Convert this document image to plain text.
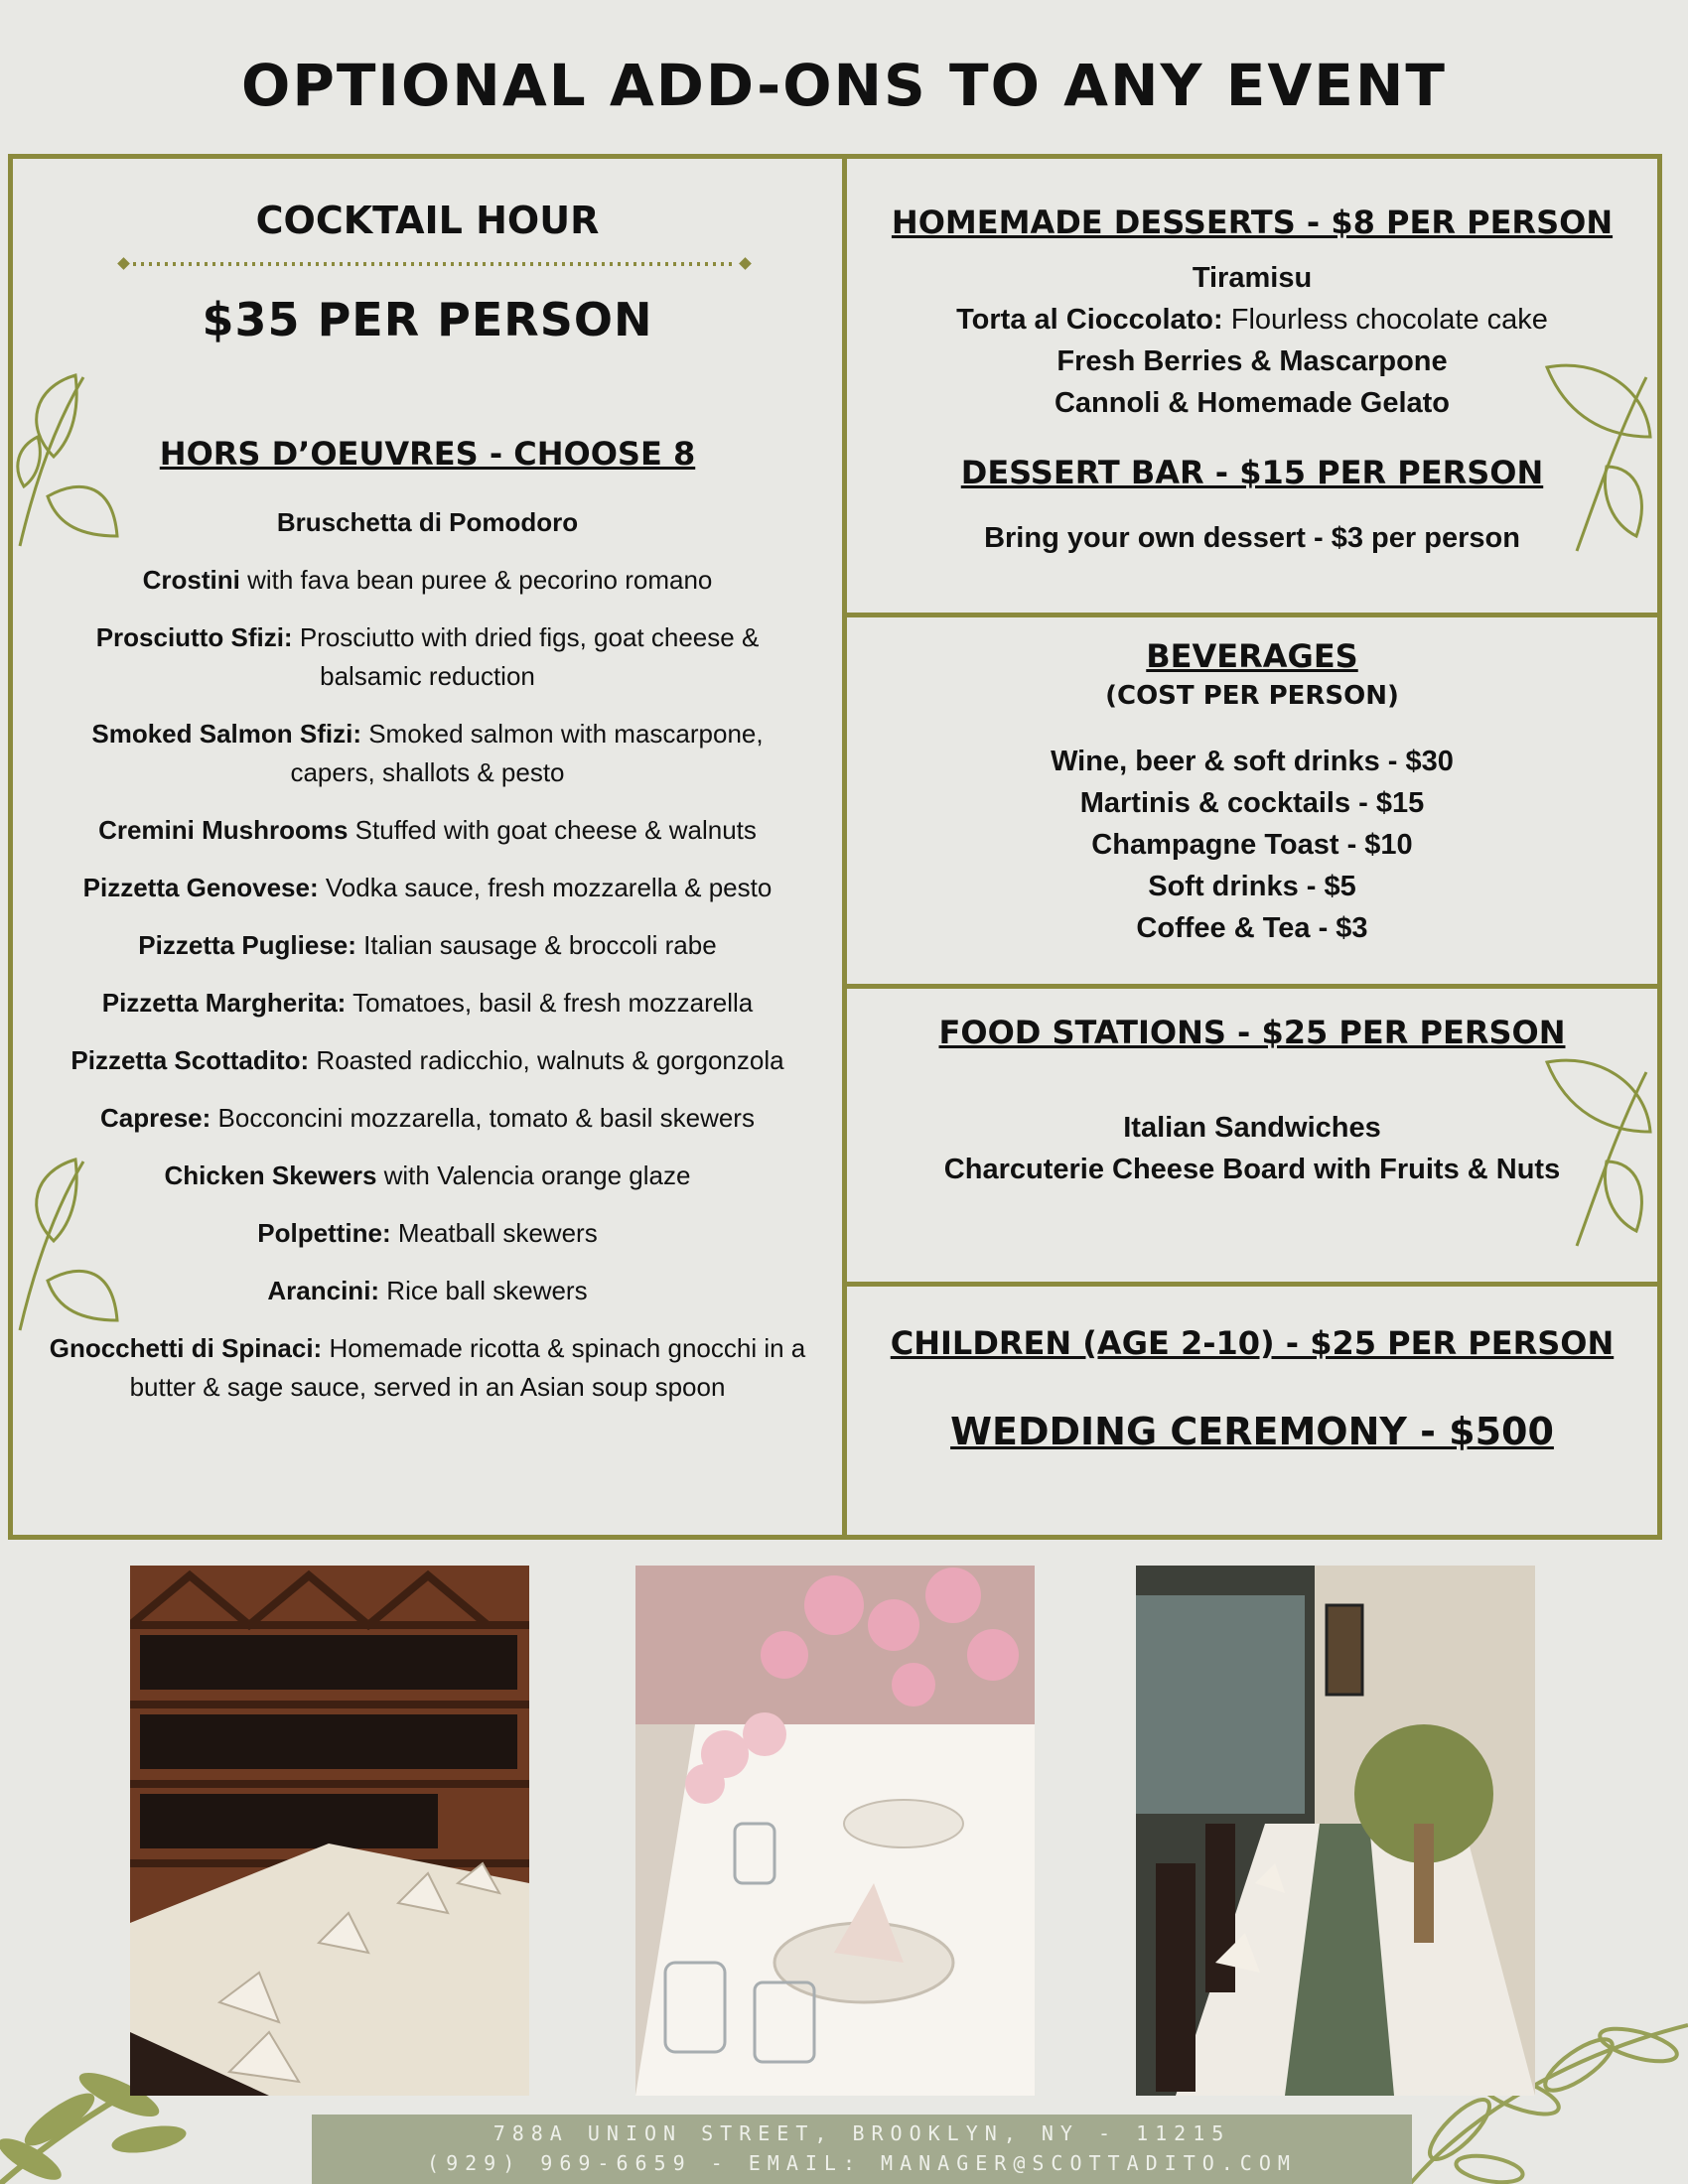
OPTIONAL ADD-ONS TO ANY EVENT
COCKTAIL HOUR
$35 PER PERSON
HORS D’OEUVRES - CHOOSE 8
Bruschetta di Pomodoro
Crostini with fava bean puree & pecorino romano
Prosciutto Sfizi: Prosciutto with dried figs, goat cheese & balsamic reduction
Smoked Salmon Sfizi: Smoked salmon with mascarpone, capers, shallots & pesto
Cremini Mushrooms Stuffed with goat cheese & walnuts
Pizzetta Genovese: Vodka sauce, fresh mozzarella & pesto
Pizzetta Pugliese: Italian sausage & broccoli rabe
Pizzetta Margherita: Tomatoes, basil & fresh mozzarella
Pizzetta Scottadito: Roasted radicchio, walnuts & gorgonzola
Caprese: Bocconcini mozzarella, tomato & basil skewers
Chicken Skewers with Valencia orange glaze
Polpettine: Meatball skewers
Arancini: Rice ball skewers
Gnocchetti di Spinaci: Homemade ricotta & spinach gnocchi in a butter & sage sauce, served in an Asian soup spoon
HOMEMADE DESSERTS - $8 PER PERSON
Tiramisu
Torta al Cioccolato: Flourless chocolate cake
Fresh Berries & Mascarpone
Cannoli & Homemade Gelato
DESSERT BAR - $15 PER PERSON
Bring your own dessert - $3 per person
BEVERAGES
(COST PER PERSON)
Wine, beer & soft drinks - $30
Martinis & cocktails - $15
Champagne Toast - $10
Soft drinks - $5
Coffee & Tea - $3
FOOD STATIONS - $25 PER PERSON
Italian Sandwiches
Charcuterie Cheese Board with Fruits & Nuts
CHILDREN (AGE 2-10) - $25 PER PERSON
WEDDING CEREMONY - $500
788A UNION STREET, BROOKLYN, NY - 11215
(929) 969-6659 - EMAIL: MANAGER@SCOTTADITO.COM
